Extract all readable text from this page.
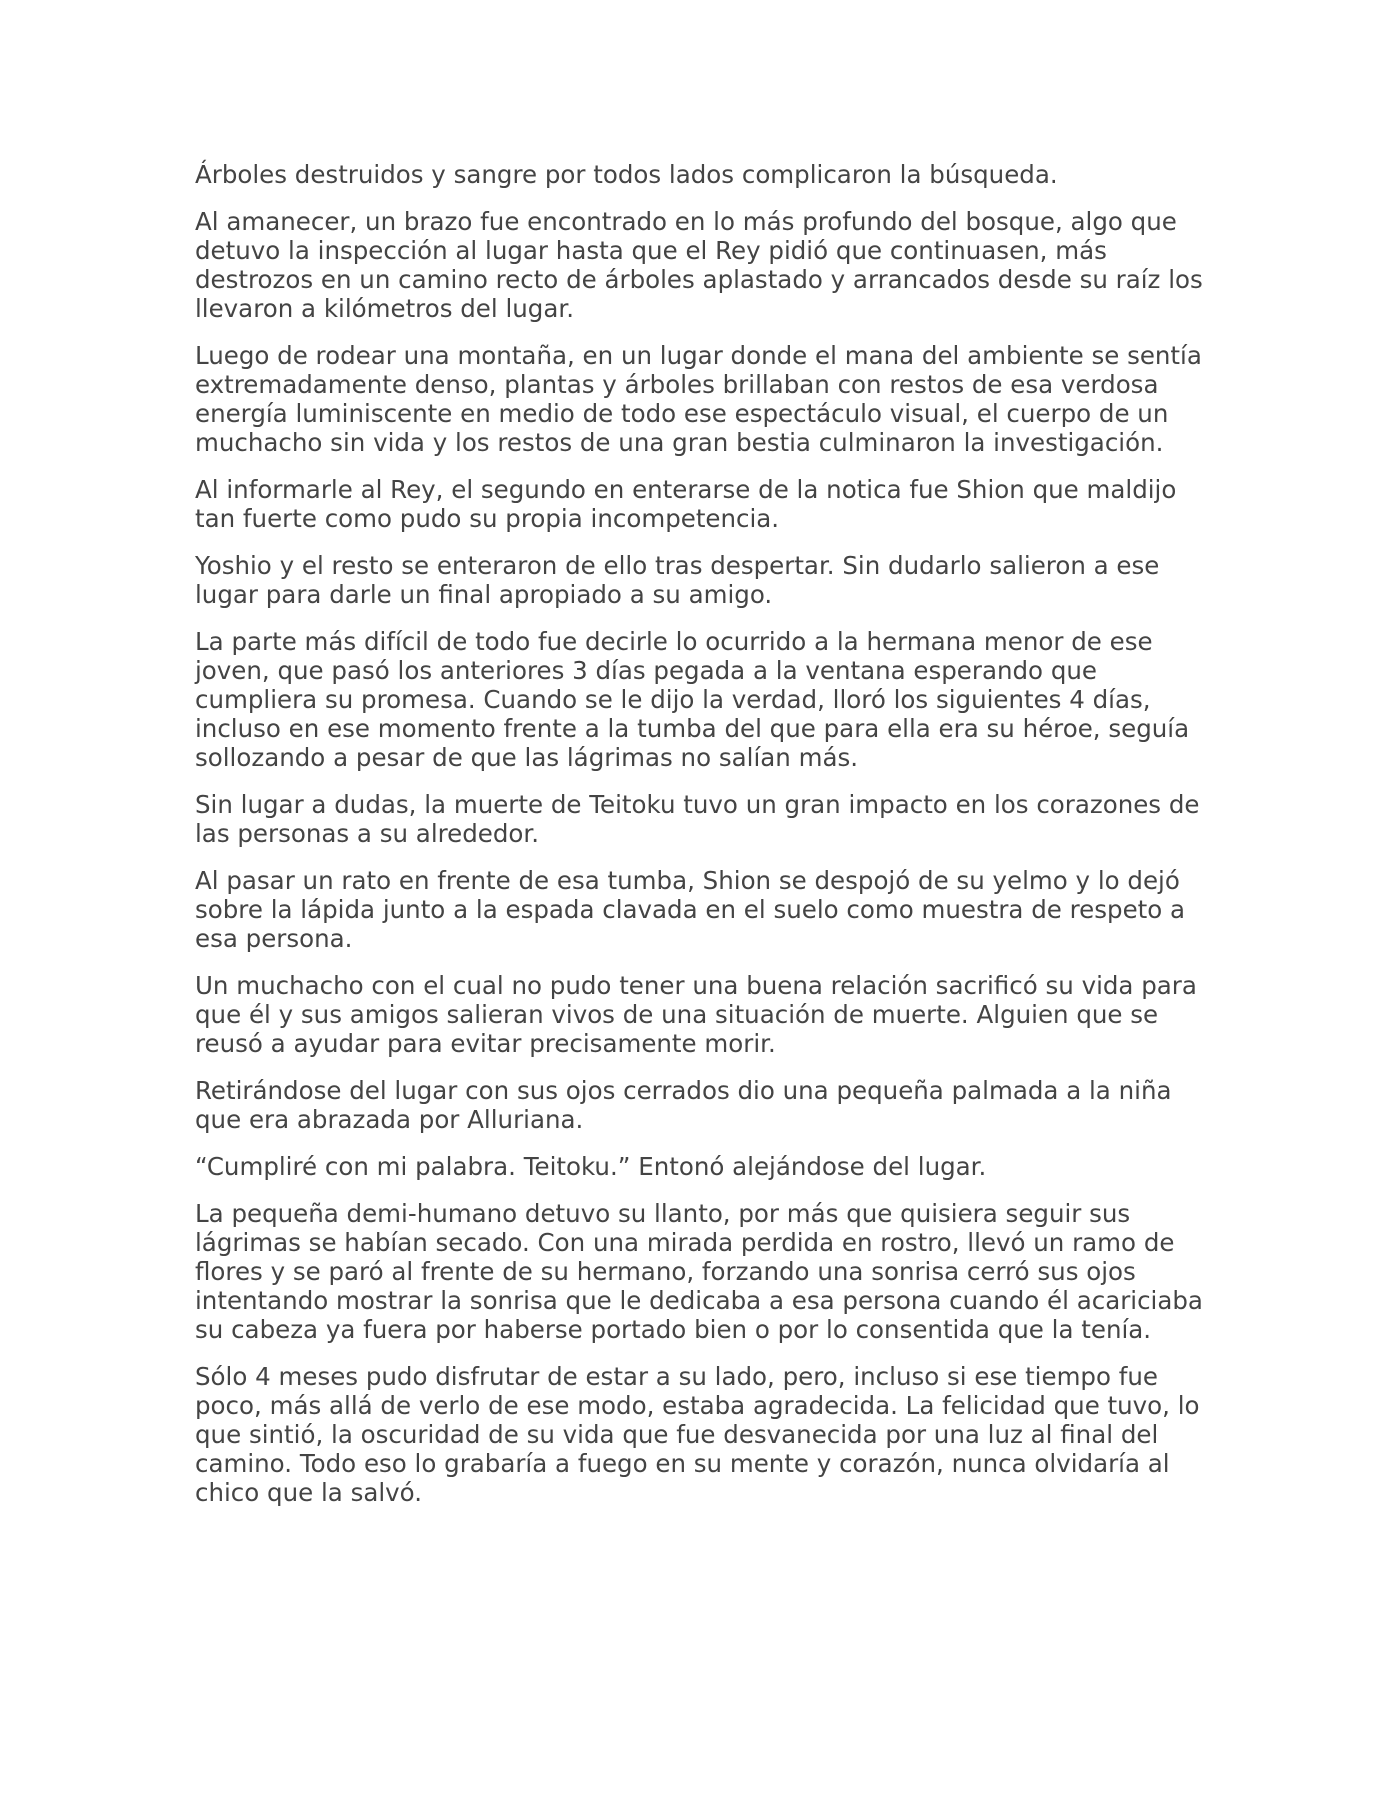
Árboles destruidos y sangre por todos lados complicaron la búsqueda.

Al amanecer, un brazo fue encontrado en lo más profundo del bosque, algo que detuvo la inspección al lugar hasta que el Rey pidió que continuasen, más destrozos en un camino recto de árboles aplastado y arrancados desde su raíz los llevaron a kilómetros del lugar.

Luego de rodear una montaña, en un lugar donde el mana del ambiente se sentía extremadamente denso, plantas y árboles brillaban con restos de esa verdosa energía luminiscente en medio de todo ese espectáculo visual, el cuerpo de un muchacho sin vida y los restos de una gran bestia culminaron la investigación.

Al informarle al Rey, el segundo en enterarse de la notica fue Shion que maldijo tan fuerte como pudo su propia incompetencia.

Yoshio y el resto se enteraron de ello tras despertar. Sin dudarlo salieron a ese lugar para darle un final apropiado a su amigo.

La parte más difícil de todo fue decirle lo ocurrido a la hermana menor de ese joven, que pasó los anteriores 3 días pegada a la ventana esperando que cumpliera su promesa. Cuando se le dijo la verdad, lloró los siguientes 4 días, incluso en ese momento frente a la tumba del que para ella era su héroe, seguía sollozando a pesar de que las lágrimas no salían más.

Sin lugar a dudas, la muerte de Teitoku tuvo un gran impacto en los corazones de las personas a su alrededor.

Al pasar un rato en frente de esa tumba, Shion se despojó de su yelmo y lo dejó sobre la lápida junto a la espada clavada en el suelo como muestra de respeto a esa persona.

Un muchacho con el cual no pudo tener una buena relación sacrificó su vida para que él y sus amigos salieran vivos de una situación de muerte. Alguien que se reusó a ayudar para evitar precisamente morir.

Retirándose del lugar con sus ojos cerrados dio una pequeña palmada a la niña que era abrazada por Alluriana.

“Cumpliré con mi palabra. Teitoku.” Entonó alejándose del lugar.

La pequeña demi-humano detuvo su llanto, por más que quisiera seguir sus lágrimas se habían secado. Con una mirada perdida en rostro, llevó un ramo de flores y se paró al frente de su hermano, forzando una sonrisa cerró sus ojos intentando mostrar la sonrisa que le dedicaba a esa persona cuando él acariciaba su cabeza ya fuera por haberse portado bien o por lo consentida que la tenía.

Sólo 4 meses pudo disfrutar de estar a su lado, pero, incluso si ese tiempo fue poco, más allá de verlo de ese modo, estaba agradecida. La felicidad que tuvo, lo que sintió, la oscuridad de su vida que fue desvanecida por una luz al final del camino. Todo eso lo grabaría a fuego en su mente y corazón, nunca olvidaría al chico que la salvó.
